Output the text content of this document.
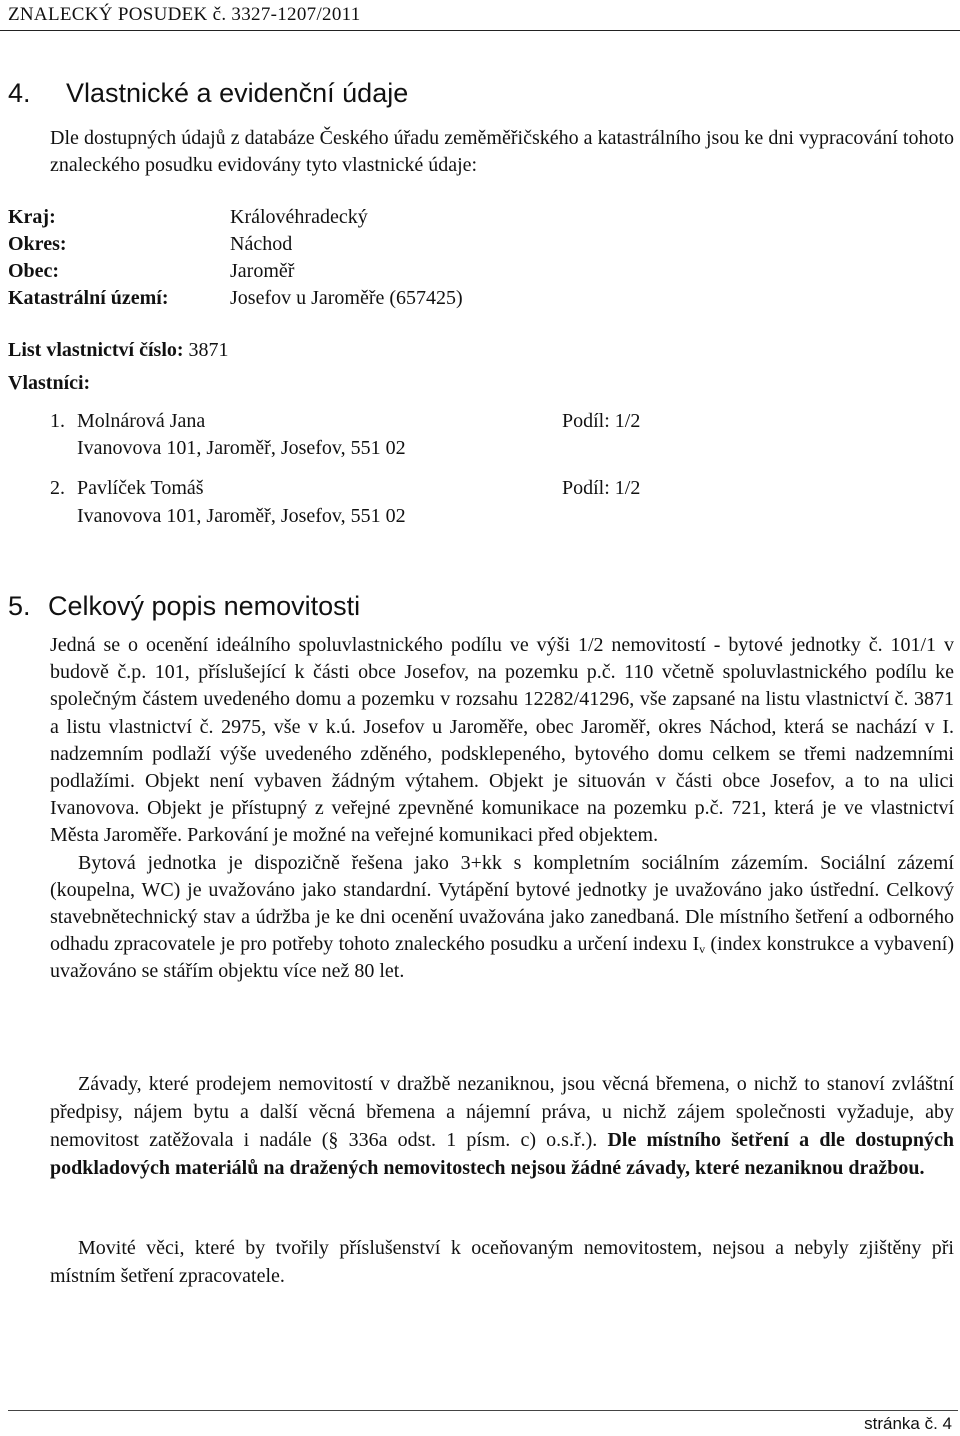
ZNALECKÝ POSUDEK č. 3327-1207/2011
4. Vlastnické a evidenční údaje

Dle dostupných údajů z databáze Českého úřadu zeměměřičského a katastrálního jsou ke dni vypracování tohoto znaleckého posudku evidovány tyto vlastnické údaje:

Kraj:	Královéhradecký
Okres:	Náchod
Obec:	Jaroměř
Katastrální území:	Josefov u Jaroměře (657425)
List vlastnictví číslo: 3871
Vlastníci:
1. Molnárová Jana	Podíl: 1/2
Ivanovova 101, Jaroměř, Josefov, 551 02
2. Pavlíček Tomáš	Podíl: 1/2
Ivanovova 101, Jaroměř, Josefov, 551 02
5. Celkový popis nemovitosti
Jedná se o ocenění ideálního spoluvlastnického podílu ve výši 1/2 nemovitostí - bytové jednotky č. 101/1 v budově č.p. 101, příslušející k části obce Josefov, na pozemku p.č. 110 včetně spoluvlastnického podílu ke společným částem uvedeného domu a pozemku v rozsahu 12282/41296, vše zapsané na listu vlastnictví č. 3871 a listu vlastnictví č. 2975, vše v k.ú. Josefov u Jaroměře, obec Jaroměř, okres Náchod, která se nachází v I. nadzemním podlaží výše uvedeného zděného, podsklepeného, bytového domu celkem se třemi nadzemními podlažími. Objekt není vybaven žádným výtahem. Objekt je situován v části obce Josefov, a to na ulici Ivanovova. Objekt je přístupný z veřejné zpevněné komunikace na pozemku p.č. 721, která je ve vlastnictví Města Jaroměře. Parkování je možné na veřejné komunikaci před objektem.
Bytová jednotka je dispozičně řešena jako 3+kk s kompletním sociálním zázemím. Sociální zázemí (koupelna, WC) je uvažováno jako standardní. Vytápění bytové jednotky je uvažováno jako ústřední. Celkový stavebnětechnický stav a údržba je ke dni ocenění uvažována jako zanedbaná. Dle místního šetření a odborného odhadu zpracovatele je pro potřeby tohoto znaleckého posudku a určení indexu $I_v$ (index konstrukce a vybavení) uvažováno se stářím objektu více než 80 let.

Závady, které prodejem nemovitostí v dražbě nezaniknou, jsou věcná břemena, o nichž to stanoví zvláštní předpisy, nájem bytu a další věcná břemena a nájemní práva, u nichž zájem společnosti vyžaduje, aby nemovitost zatěžovala i nadále (§ 336a odst. 1 písm. c) o.s.ř.). Dle místního šetření a dle dostupných podkladových materiálů na dražených nemovitostech nejsou žádné závady, které nezaniknou dražbou.

Movité věci, které by tvořily příslušenství k oceňovaným nemovitostem, nejsou a nebyly zjištěny při místním šetření zpracovatele.

stránka č. 4
